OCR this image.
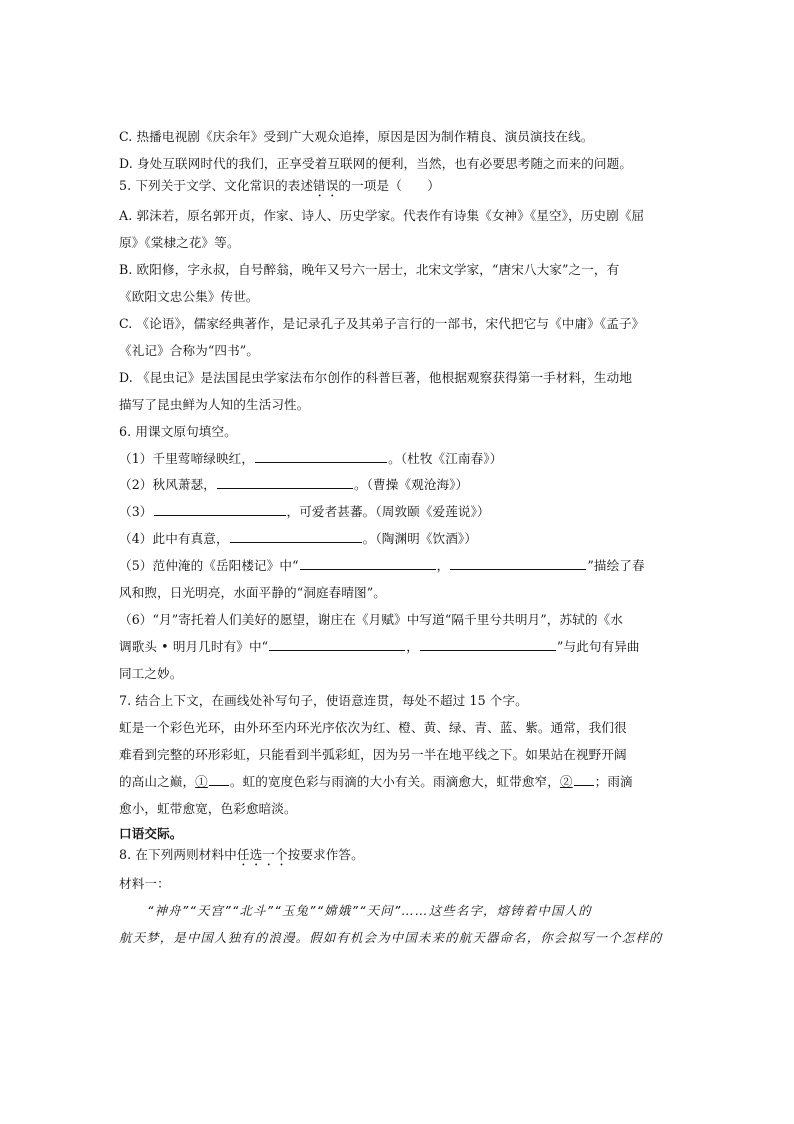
C. 热播电视剧《庆余年》受到广大观众追捧，原因是因为制作精良、演员演技在线。
D. 身处互联网时代的我们，正享受着互联网的便利，当然，也有必要思考随之而来的问题。
5. 下列关于文学、文化常识的表述错误的一项是（　　）
A. 郭沫若，原名郭开贞，作家、诗人、历史学家。代表作有诗集《女神》《星空》，历史剧《屈
原》《棠棣之花》等。
B. 欧阳修，字永叔，自号醉翁，晚年又号六一居士，北宋文学家，“唐宋八大家”之一，有
《欧阳文忠公集》传世。
C. 《论语》，儒家经典著作，是记录孔子及其弟子言行的一部书，宋代把它与《中庸》《孟子》
《礼记》合称为“四书”。
D. 《昆虫记》是法国昆虫学家法布尔创作的科普巨著，他根据观察获得第一手材料，生动地
描写了昆虫鲜为人知的生活习性。
6. 用课文原句填空。
（1）千里莺啼绿映红，	。（杜牧《江南春》）
（2）秋风萧瑟，	。（曹操《观沧海》）
（3）	，可爱者甚蕃。（周敦颐《爱莲说》）
（4）此中有真意，	。（陶渊明《饮酒》）
（5）范仲淹的《岳阳楼记》中“	，	”描绘了春
风和煦，日光明亮，水面平静的“洞庭春晴图”。
（6）“月”寄托着人们美好的愿望，谢庄在《月赋》中写道“隔千里兮共明月”，苏轼的《水
调歌头 • 明月几时有》中“	，	”与此句有异曲
同工之妙。
7. 结合上下文，在画线处补写句子，使语意连贯，每处不超过 15 个字。
虹是一个彩色光环，由外环至内环光序依次为红、橙、黄、绿、青、蓝、紫。通常，我们很
难看到完整的环形彩虹，只能看到半弧彩虹，因为另一半在地平线之下。如果站在视野开阔
的高山之巅，① 。虹的宽度色彩与雨滴的大小有关。雨滴愈大，虹带愈窄，② ；雨滴
愈小，虹带愈宽，色彩愈暗淡。
口语交际。
8. 在下列两则材料中任选一个按要求作答。
材料一：
“神舟”“天宫”“北斗”“玉兔”“嫦娥”“天问”……这些名字，熔铸着中国人的
航天梦，是中国人独有的浪漫。假如有机会为中国未来的航天器命名，你会拟写一个怎样的
